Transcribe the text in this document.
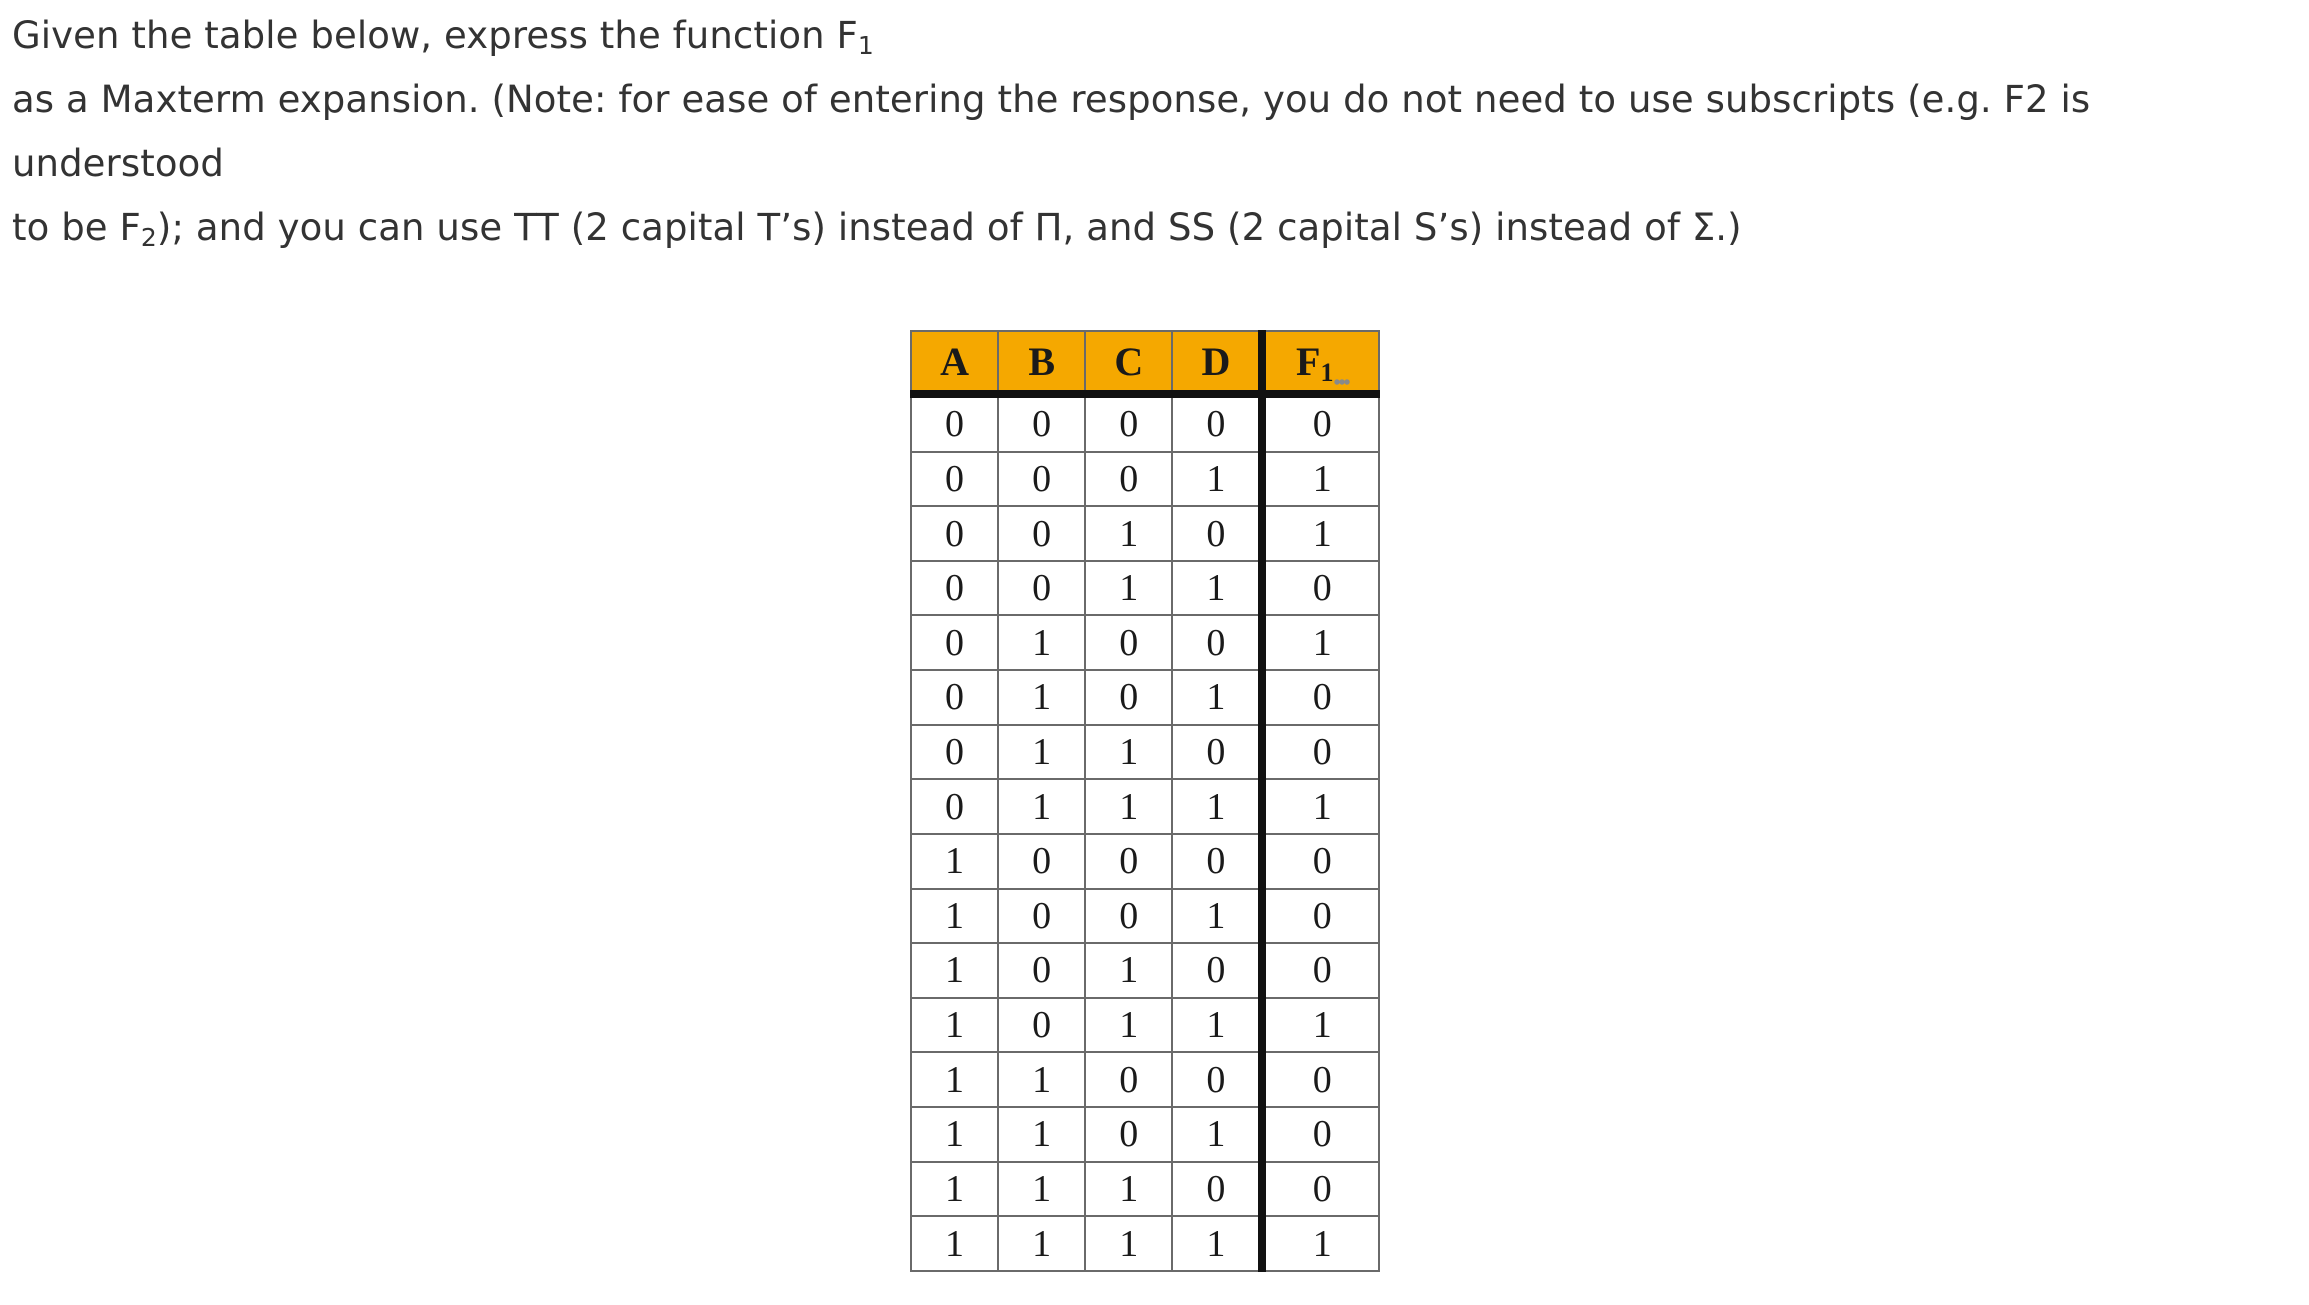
Given the table below, express the function $F_1$

as a Maxterm expansion. (Note: for ease of entering the response, you do not need to use subscripts (e.g. F2 is understood

to be $F_2$); and you can use TT (2 capital T’s) instead of Π, and SS (2 capital S’s) instead of Σ.)

A	B	C	D	F1•••
0	0	0	0	0
0	0	0	1	1
0	0	1	0	1
0	0	1	1	0
0	1	0	0	1
0	1	0	1	0
0	1	1	0	0
0	1	1	1	1
1	0	0	0	0
1	0	0	1	0
1	0	1	0	0
1	0	1	1	1
1	1	0	0	0
1	1	0	1	0
1	1	1	0	0
1	1	1	1	1
